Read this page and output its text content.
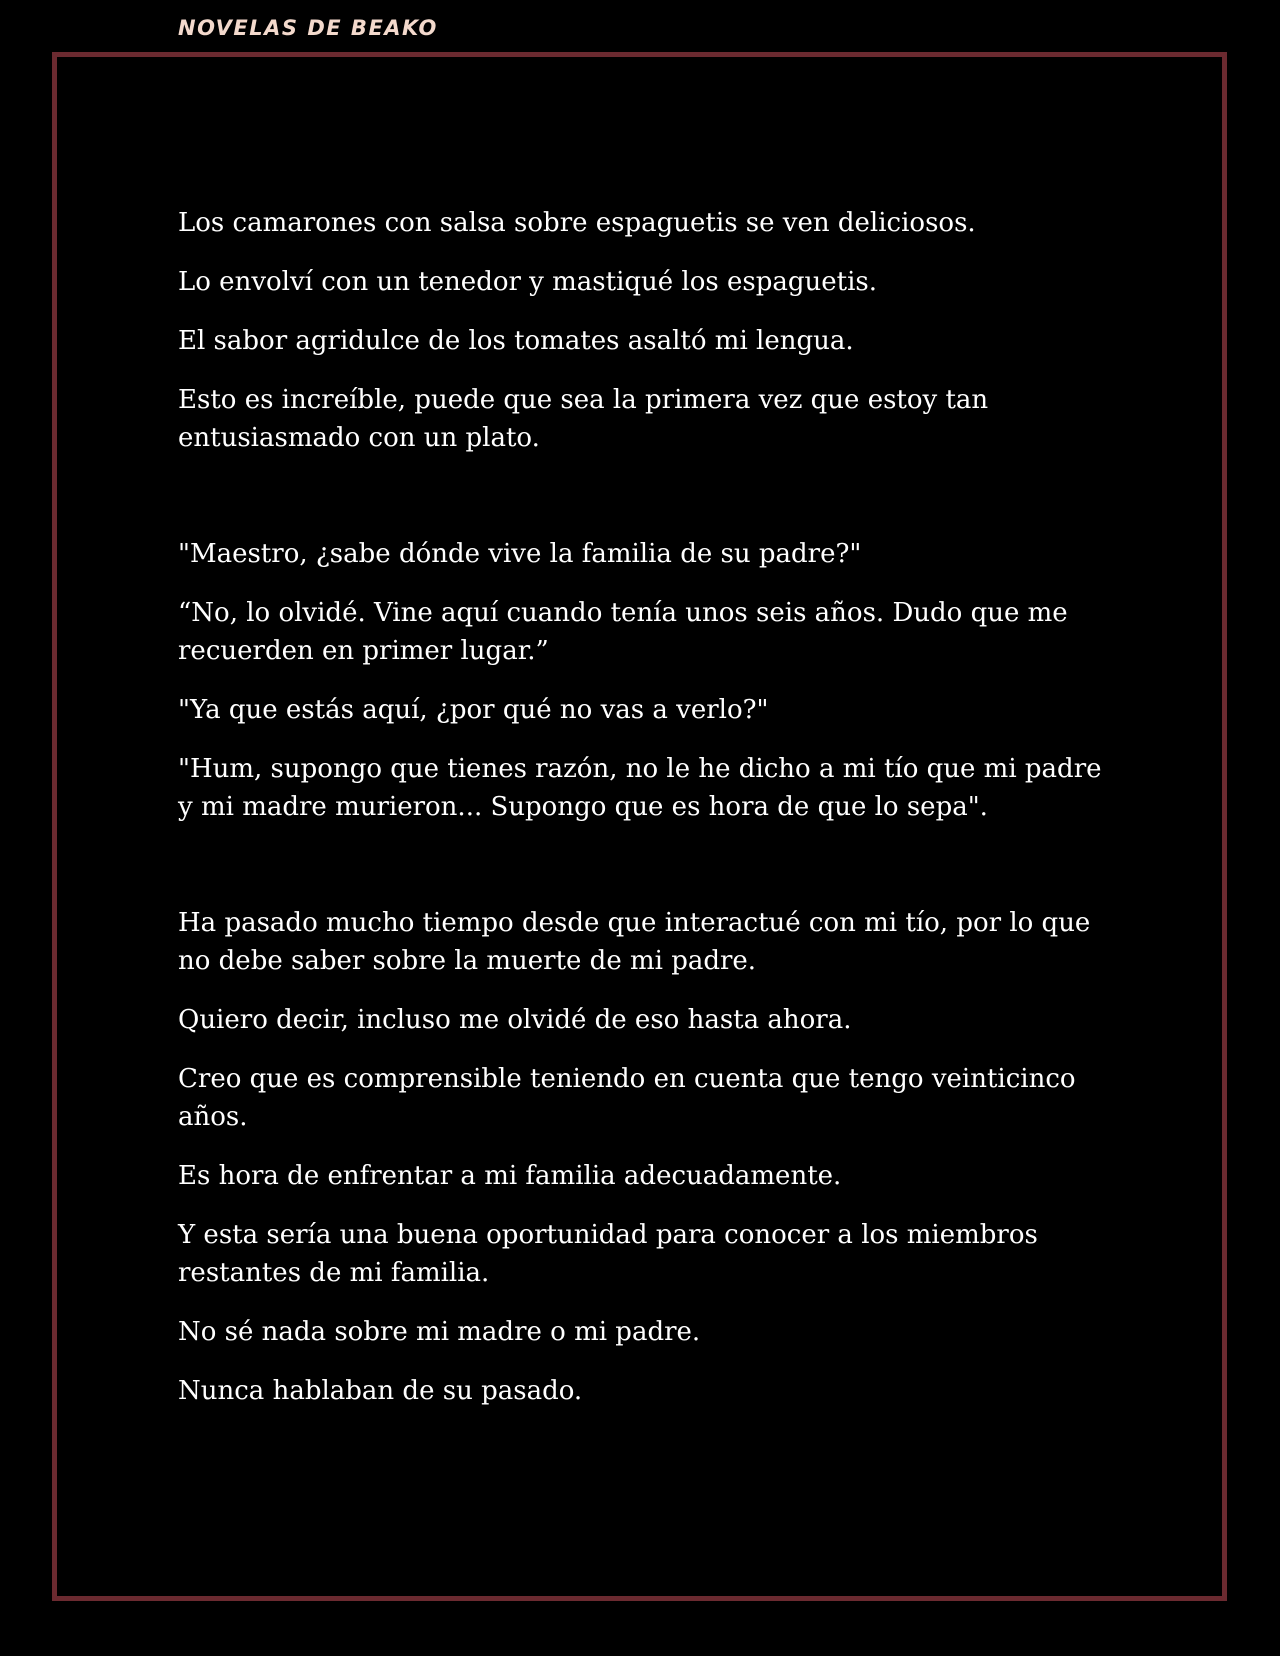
NOVELAS DE BEAKO

Los camarones con salsa sobre espaguetis se ven deliciosos.

Lo envolví con un tenedor y mastiqué los espaguetis.

El sabor agridulce de los tomates asaltó mi lengua.

Esto es increíble, puede que sea la primera vez que estoy tan entusiasmado con un plato.

"Maestro, ¿sabe dónde vive la familia de su padre?"

“No, lo olvidé. Vine aquí cuando tenía unos seis años. Dudo que me recuerden en primer lugar.”

"Ya que estás aquí, ¿por qué no vas a verlo?"

"Hum, supongo que tienes razón, no le he dicho a mi tío que mi padre y mi madre murieron... Supongo que es hora de que lo sepa".

Ha pasado mucho tiempo desde que interactué con mi tío, por lo que no debe saber sobre la muerte de mi padre.

Quiero decir, incluso me olvidé de eso hasta ahora.

Creo que es comprensible teniendo en cuenta que tengo veinticinco años.

Es hora de enfrentar a mi familia adecuadamente.

Y esta sería una buena oportunidad para conocer a los miembros restantes de mi familia.

No sé nada sobre mi madre o mi padre.

Nunca hablaban de su pasado.
